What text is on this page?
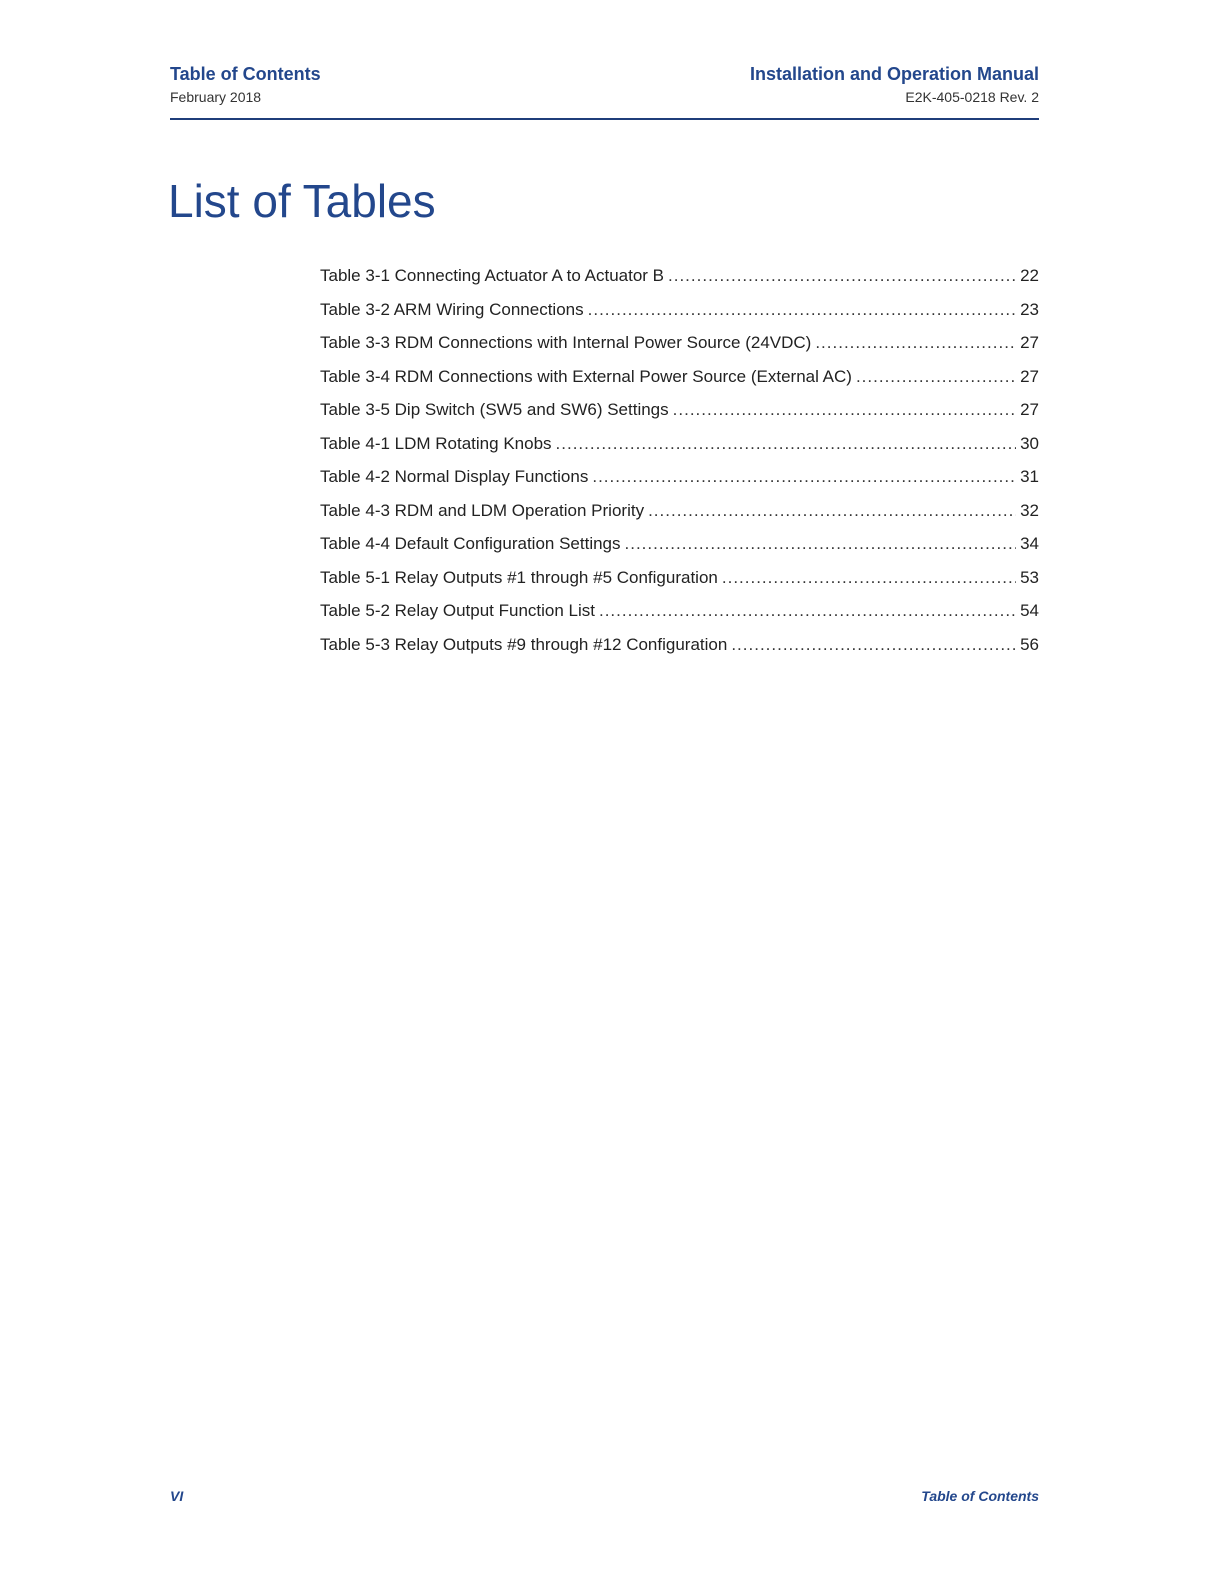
Table of Contents
February 2018
Installation and Operation Manual
E2K-405-0218 Rev. 2
List of Tables
Table 3-1 Connecting Actuator A to Actuator B .....	22
Table 3-2 ARM Wiring Connections .....	23
Table 3-3 RDM Connections with Internal Power Source (24VDC) .....	27
Table 3-4 RDM Connections with External Power Source (External AC) .....	27
Table 3-5 Dip Switch (SW5 and SW6) Settings .....	27
Table 4-1 LDM Rotating Knobs .....	30
Table 4-2 Normal Display Functions .....	31
Table 4-3 RDM and LDM Operation Priority .....	32
Table 4-4 Default Configuration Settings .....	34
Table 5-1 Relay Outputs #1 through #5 Configuration .....	53
Table 5-2 Relay Output Function List .....	54
Table 5-3 Relay Outputs #9 through #12 Configuration .....	56
VI	Table of Contents
